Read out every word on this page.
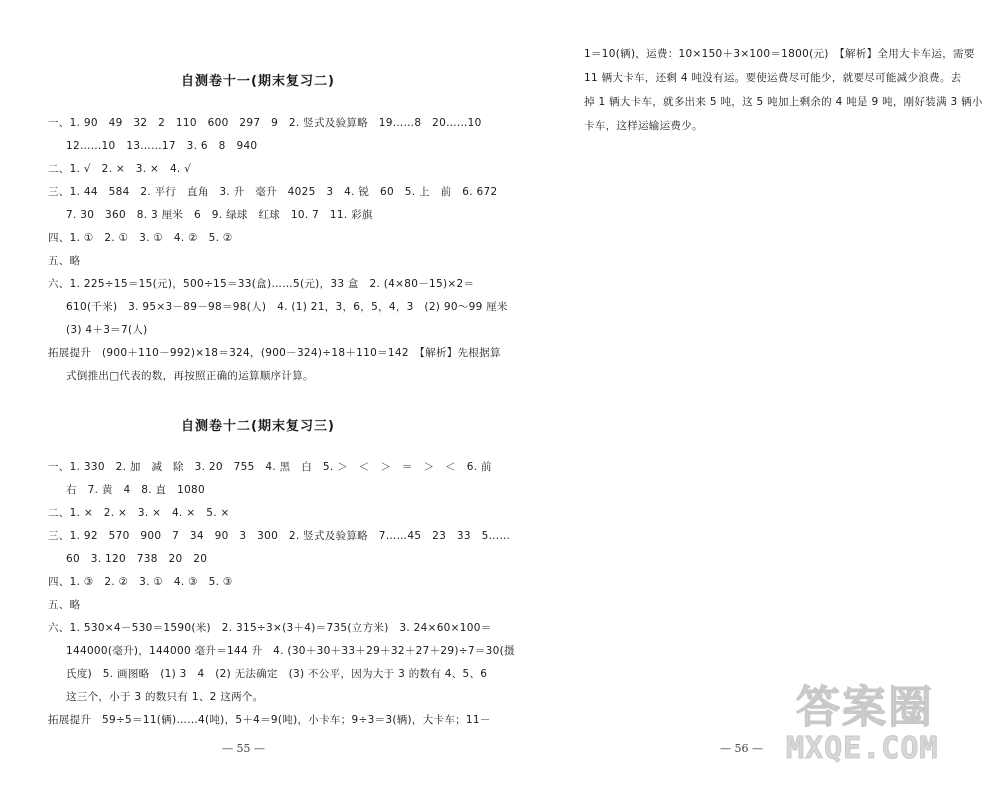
自测卷十一(期末复习二)
一、1. 90　49　32　2　110　600　297　9　2. 竖式及验算略　19……8　20……10
12……10　13……17　3. 6　8　940
二、1. √　2. ×　3. ×　4. √
三、1. 44　584　2. 平行　直角　3. 升　毫升　4025　3　4. 锐　60　5. 上　前　6. 672
7. 30　360　8. 3 厘米　6　9. 绿球　红球　10. 7　11. 彩旗
四、1. ①　2. ①　3. ①　4. ②　5. ②
五、略
六、1. 225÷15＝15(元)，500÷15＝33(盒)……5(元)，33 盒　2. (4×80－15)×2＝
610(千米)　3. 95×3－89－98＝98(人)　4. (1) 21，3，6，5，4，3　(2) 90～99 厘米
(3) 4＋3＝7(人)
拓展提升　(900＋110－992)×18＝324，(900－324)÷18＋110＝142　【解析】先根据算
式倒推出□代表的数，再按照正确的运算顺序计算。
自测卷十二(期末复习三)
一、1. 330　2. 加　减　除　3. 20　755　4. 黑　白　5. ＞　＜　＞　＝　＞　＜　6. 前
右　7. 黄　4　8. 直　1080
二、1. ×　2. ×　3. ×　4. ×　5. ×
三、1. 92　570　900　7　34　90　3　300　2. 竖式及验算略　7……45　23　33　5……
60　3. 120　738　20　20
四、1. ③　2. ②　3. ①　4. ③　5. ③
五、略
六、1. 530×4－530＝1590(米)　2. 315÷3×(3＋4)＝735(立方米)　3. 24×60×100＝
144000(毫升)，144000 毫升＝144 升　4. (30＋30＋33＋29＋32＋27＋29)÷7＝30(摄
氏度)　5. 画图略　(1) 3　4　(2) 无法确定　(3) 不公平，因为大于 3 的数有 4、5、6
这三个，小于 3 的数只有 1、2 这两个。
拓展提升　59÷5＝11(辆)……4(吨)，5＋4＝9(吨)，小卡车；9÷3＝3(辆)，大卡车；11－
— 55 —
1＝10(辆)，运费：10×150＋3×100＝1800(元)　【解析】全用大卡车运，需要
11 辆大卡车，还剩 4 吨没有运。要使运费尽可能少，就要尽可能减少浪费。去
掉 1 辆大卡车，就多出来 5 吨，这 5 吨加上剩余的 4 吨是 9 吨，刚好装满 3 辆小
卡车，这样运输运费少。
— 56 —
答案圈
MXQE.COM
